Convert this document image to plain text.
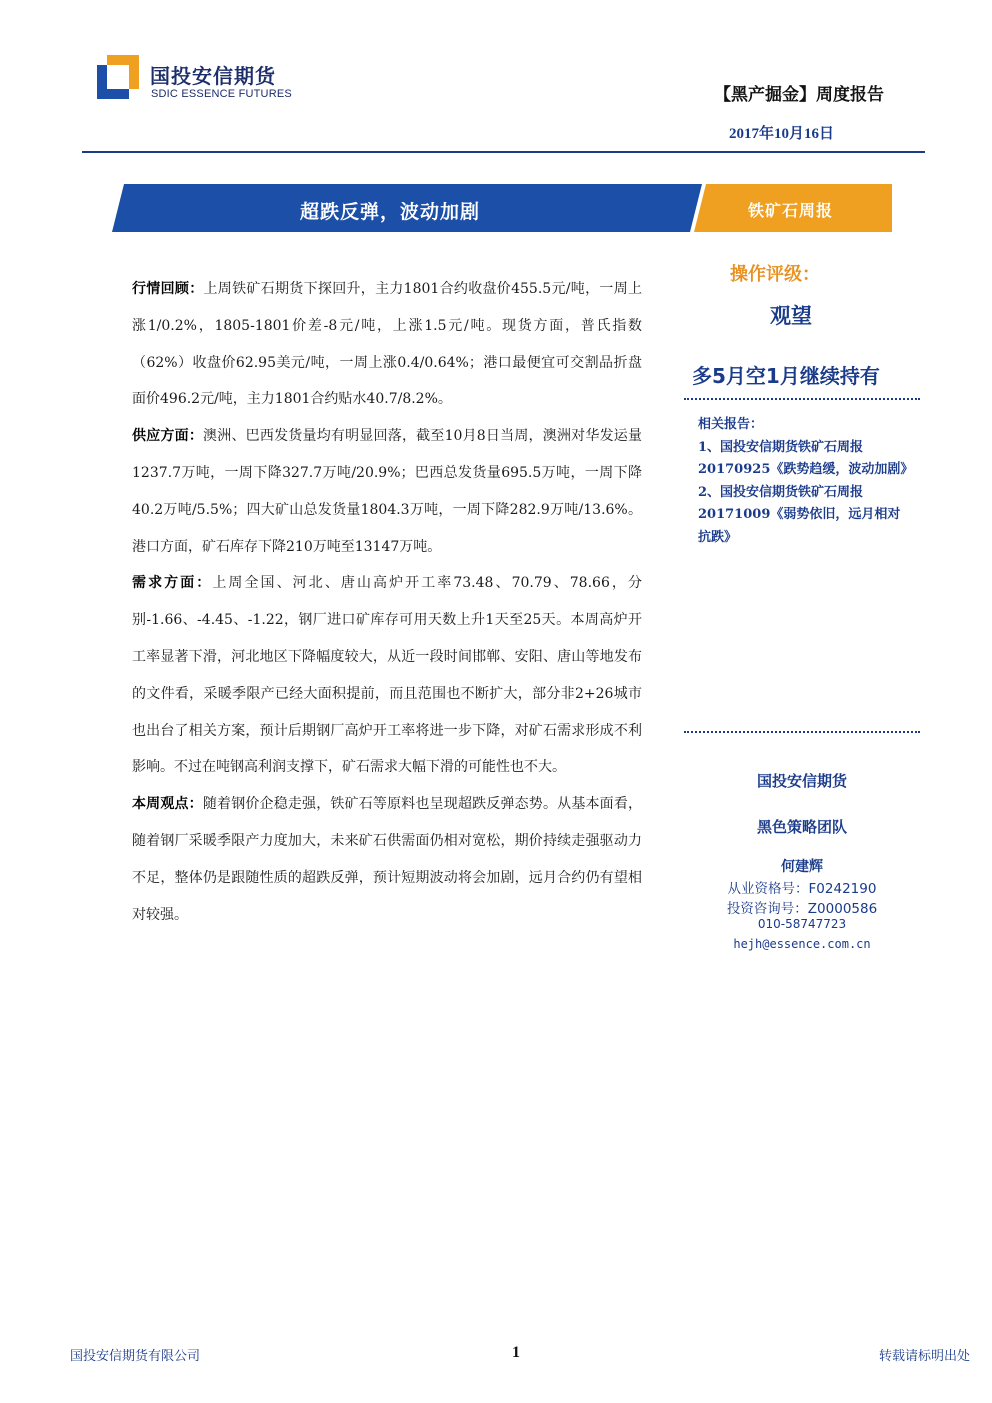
国投安信期货
SDIC ESSENCE FUTURES	【黑产掘金】周度报告
2017年10月16日
超跌反弹，波动加剧	铁矿石周报

行情回顾：上周铁矿石期货下探回升，主力1801合约收盘价455.5元/吨，一周上涨1/0.2%，1805-1801价差-8元/吨，上涨1.5元/吨。现货方面，普氏指数（62%）收盘价62.95美元/吨，一周上涨0.4/0.64%；港口最便宜可交割品折盘面价496.2元/吨，主力1801合约贴水40.7/8.2%。

供应方面：澳洲、巴西发货量均有明显回落，截至10月8日当周，澳洲对华发运量1237.7万吨，一周下降327.7万吨/20.9%；巴西总发货量695.5万吨，一周下降40.2万吨/5.5%；四大矿山总发货量1804.3万吨，一周下降282.9万吨/13.6%。港口方面，矿石库存下降210万吨至13147万吨。

需求方面：上周全国、河北、唐山高炉开工率73.48、70.79、78.66，分别-1.66、-4.45、-1.22，钢厂进口矿库存可用天数上升1天至25天。本周高炉开工率显著下滑，河北地区下降幅度较大，从近一段时间邯郸、安阳、唐山等地发布的文件看，采暖季限产已经大面积提前，而且范围也不断扩大，部分非2+26城市也出台了相关方案，预计后期钢厂高炉开工率将进一步下降，对矿石需求形成不利影响。不过在吨钢高利润支撑下，矿石需求大幅下滑的可能性也不大。

本周观点：随着钢价企稳走强，铁矿石等原料也呈现超跌反弹态势。从基本面看，随着钢厂采暖季限产力度加大，未来矿石供需面仍相对宽松，期价持续走强驱动力不足，整体仍是跟随性质的超跌反弹，预计短期波动将会加剧，远月合约仍有望相对较强。

操作评级：
观望
多5月空1月继续持有

相关报告：

1、国投安信期货铁矿石周报20170925《跌势趋缓，波动加剧》

2、国投安信期货铁矿石周报20171009《弱势依旧，远月相对抗跌》

国投安信期货
黑色策略团队
何建辉
从业资格号：F0242190
投资咨询号：Z0000586
010-58747723
hejh@essence.com.cn
国投安信期货有限公司	1	转载请标明出处
